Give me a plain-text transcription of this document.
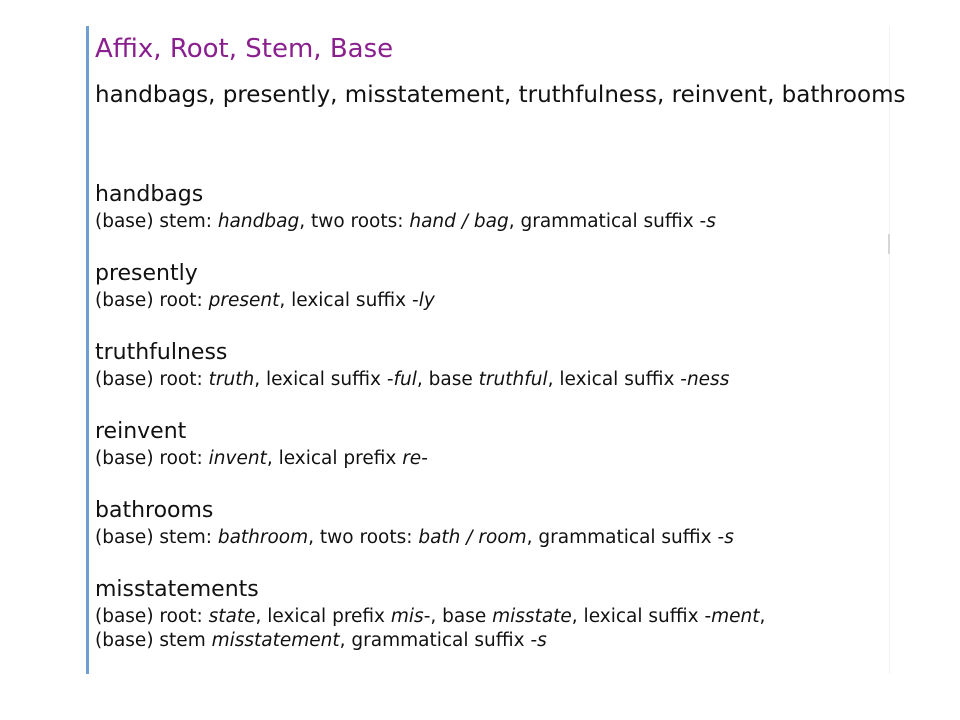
Affix, Root, Stem, Base
handbags, presently, misstatement, truthfulness, reinvent, bathrooms
handbags
(base) stem: handbag, two roots: hand / bag, grammatical suffix -s
presently
(base) root: present, lexical suffix -ly
truthfulness
(base) root: truth, lexical suffix -ful, base truthful, lexical suffix -ness
reinvent
(base) root: invent, lexical prefix re-
bathrooms
(base) stem: bathroom, two roots: bath / room, grammatical suffix -s
misstatements
(base) root: state, lexical prefix mis-, base misstate, lexical suffix -ment,
(base) stem misstatement, grammatical suffix -s
